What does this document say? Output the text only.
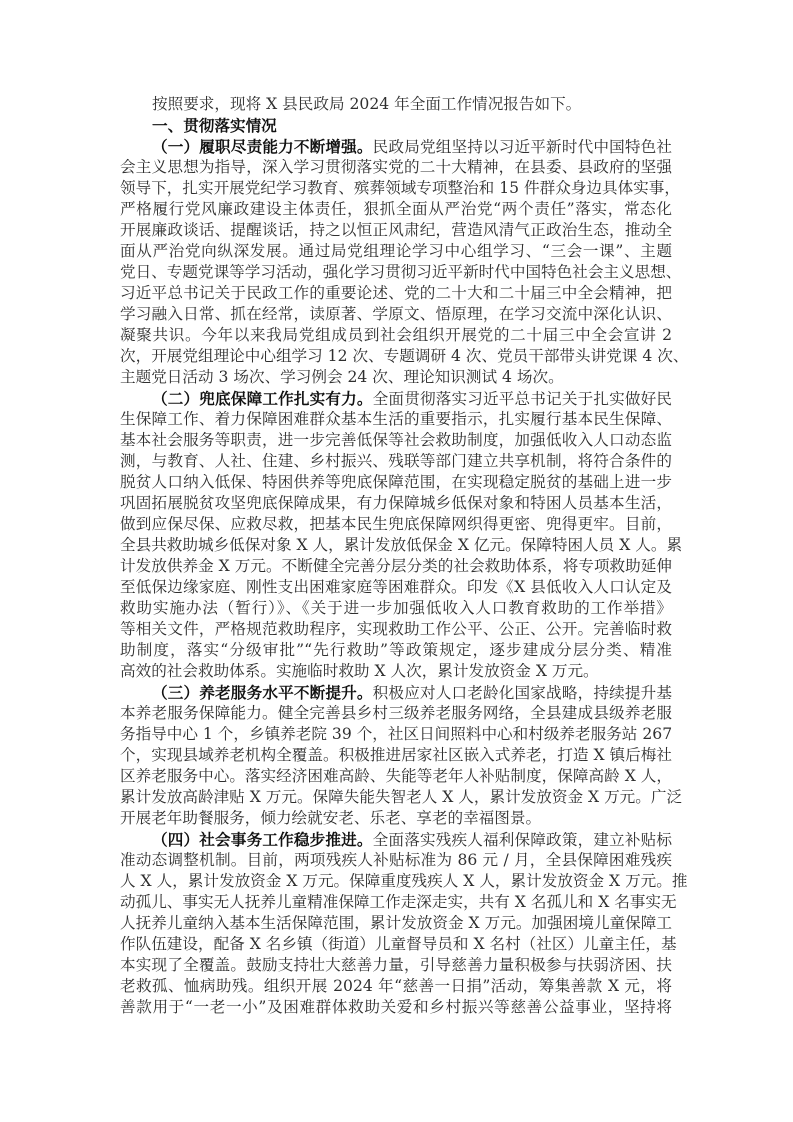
按照要求，现将 X 县民政局 2024 年全面工作情况报告如下。
一、贯彻落实情况
（一）履职尽责能力不断增强。民政局党组坚持以习近平新时代中国特色社
会主义思想为指导，深入学习贯彻落实党的二十大精神，在县委、县政府的坚强
领导下，扎实开展党纪学习教育、殡葬领域专项整治和 15 件群众身边具体实事，
严格履行党风廉政建设主体责任，狠抓全面从严治党“两个责任”落实，常态化
开展廉政谈话、提醒谈话，持之以恒正风肃纪，营造风清气正政治生态，推动全
面从严治党向纵深发展。通过局党组理论学习中心组学习、“三会一课”、主题
党日、专题党课等学习活动，强化学习贯彻习近平新时代中国特色社会主义思想、
习近平总书记关于民政工作的重要论述、党的二十大和二十届三中全会精神，把
学习融入日常、抓在经常，读原著、学原文、悟原理，在学习交流中深化认识、
凝聚共识。今年以来我局党组成员到社会组织开展党的二十届三中全会宣讲 2
次，开展党组理论中心组学习 12 次、专题调研 4 次、党员干部带头讲党课 4 次、
主题党日活动 3 场次、学习例会 24 次、理论知识测试 4 场次。
（二）兜底保障工作扎实有力。全面贯彻落实习近平总书记关于扎实做好民
生保障工作、着力保障困难群众基本生活的重要指示，扎实履行基本民生保障、
基本社会服务等职责，进一步完善低保等社会救助制度，加强低收入人口动态监
测，与教育、人社、住建、乡村振兴、残联等部门建立共享机制，将符合条件的
脱贫人口纳入低保、特困供养等兜底保障范围，在实现稳定脱贫的基础上进一步
巩固拓展脱贫攻坚兜底保障成果，有力保障城乡低保对象和特困人员基本生活，
做到应保尽保、应救尽救，把基本民生兜底保障网织得更密、兜得更牢。目前，
全县共救助城乡低保对象 X 人，累计发放低保金 X 亿元。保障特困人员 X 人。累
计发放供养金 X 万元。不断健全完善分层分类的社会救助体系，将专项救助延伸
至低保边缘家庭、刚性支出困难家庭等困难群众。印发《X 县低收入人口认定及
救助实施办法（暂行）》、《关于进一步加强低收入人口教育救助的工作举措》
等相关文件，严格规范救助程序，实现救助工作公平、公正、公开。完善临时救
助制度，落实“分级审批”“先行救助”等政策规定，逐步建成分层分类、精准
高效的社会救助体系。实施临时救助 X 人次，累计发放资金 X 万元。
（三）养老服务水平不断提升。积极应对人口老龄化国家战略，持续提升基
本养老服务保障能力。健全完善县乡村三级养老服务网络，全县建成县级养老服
务指导中心 1 个，乡镇养老院 39 个，社区日间照料中心和村级养老服务站 267
个，实现县域养老机构全覆盖。积极推进居家社区嵌入式养老，打造 X 镇后梅社
区养老服务中心。落实经济困难高龄、失能等老年人补贴制度，保障高龄 X 人，
累计发放高龄津贴 X 万元。保障失能失智老人 X 人，累计发放资金 X 万元。广泛
开展老年助餐服务，倾力绘就安老、乐老、享老的幸福图景。
（四）社会事务工作稳步推进。全面落实残疾人福利保障政策，建立补贴标
准动态调整机制。目前，两项残疾人补贴标准为 86 元 / 月，全县保障困难残疾
人 X 人，累计发放资金 X 万元。保障重度残疾人 X 人，累计发放资金 X 万元。推
动孤儿、事实无人抚养儿童精准保障工作走深走实，共有 X 名孤儿和 X 名事实无
人抚养儿童纳入基本生活保障范围，累计发放资金 X 万元。加强困境儿童保障工
作队伍建设，配备 X 名乡镇（街道）儿童督导员和 X 名村（社区）儿童主任，基
本实现了全覆盖。鼓励支持壮大慈善力量，引导慈善力量积极参与扶弱济困、扶
老救孤、恤病助残。组织开展 2024 年“慈善一日捐”活动，筹集善款 X 元，将
善款用于“一老一小”及困难群体救助关爱和乡村振兴等慈善公益事业，坚持将
